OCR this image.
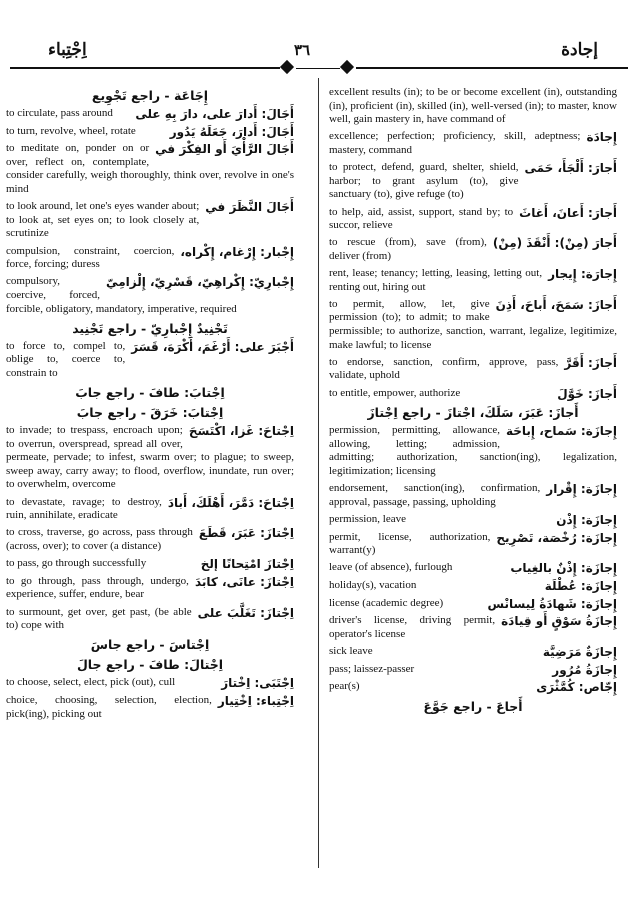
اِجْتِباء	٣٦	إجادة
إِجَاعَة - راجع تَجْوِيع
أَجَالَ: أَدارَ على، دارَ بِهِ على
to circulate, pass around
أَجَالَ: أَدارَ، جَعَلَهُ يَدُور
to turn, revolve, wheel, rotate
أَجَالَ الرَّأْيَ أَو الفِكْرَ في
to meditate on, ponder on or over, reflect on, contemplate, consider carefully, weigh thoroughly, think over, revolve in one's mind
أَجَالَ النَّظَرَ في
to look around, let one's eyes wander about; to look at, set eyes on; to look closely at, scrutinize
إِجْبار: إِرْغام، إِكْراه،
compulsion, constraint, coercion, force, forcing; duress
إِجْبارِيّ: إِكْراهِيّ، قَسْرِيّ، إِلْزامِيّ
compulsory, coercive, forced, forcible, obligatory, mandatory, imperative, required
تَجْنِيدٌ إِجْبارِيّ - راجع تَجْنِيد
أَجْبَرَ على: أَرْغَمَ، أَكْرَهَ، قَسَرَ
to force to, compel to, oblige to, coerce to, constrain to
اِجْتابَ: طافَ - راجع جابَ
اِجْتابَ: خَرَقَ - راجع جابَ
اِجْتاحَ: غَزا، اكْتَسَحَ
to invade; to trespass, encroach upon; to overrun, overspread, spread all over, permeate, pervade; to infest, swarm over; to plague; to sweep, sweep away, carry away; to flood, overflow, inundate, run over; to overwhelm, overcome
اِجْتاحَ: دَمَّرَ، أَهْلَكَ، أَبادَ
to devastate, ravage; to destroy, ruin, annihilate, eradicate
اِجْتازَ: عَبَرَ، قَطَعَ
to cross, traverse, go across, pass through (across, over); to cover (a distance)
اِجْتازَ امْتِحانًا إلخ
to pass, go through successfully
اِجْتازَ: عانَى، كابَدَ
to go through, pass through, undergo, experience, suffer, endure, bear
اِجْتازَ: تَغَلَّبَ على
to surmount, get over, get past, (be able to) cope with
اِجْتاسَ - راجع جاسَ
اِجْتالَ: طافَ - راجع جالَ
اِجْتَبَى: اِخْتارَ
to choose, select, elect, pick (out), cull
اِجْتِباء: اِخْتِيار
choice, choosing, selection, election, pick(ing), picking out
excellent results (in); to be or become excellent (in), outstanding (in), proficient (in), skilled (in), well-versed (in); to master, know well, gain mastery in, have command of
إِجادَة
excellence; perfection; proficiency, skill, adeptness; mastery, command
أَجارَ: أَلْجَأَ، حَمَى
to protect, defend, guard, shelter, shield, harbor; to grant asylum (to), give sanctuary (to), give refuge (to)
أَجارَ: أَعانَ، أَغاثَ
to help, aid, assist, support, stand by; to succor, relieve
أَجارَ (مِنْ): أَنْقَذَ (مِنْ)
to rescue (from), save (from), deliver (from)
إِجارَة: إِيجار
rent, lease; tenancy; letting, leasing, letting out, renting out, hiring out
أَجازَ: سَمَحَ، أَباحَ، أَذِنَ
to permit, allow, let, give permission (to); to admit; to make permissible; to authorize, sanction, warrant, legalize, legitimize, make lawful; to license
أَجازَ: أَقَرَّ
to endorse, sanction, confirm, approve, pass, validate, uphold
أَجازَ: خَوَّلَ
to entitle, empower, authorize
أَجازَ: عَبَرَ، سَلَكَ، اجْتازَ - راجع اِجْتازَ
إِجازَة: سَماح، إِباحَة
permission, permitting, allowance, allowing, letting; admission, admitting; authorization, sanction(ing), legalization, legitimization; licensing
إِجازَة: إِقْرار
endorsement, sanction(ing), confirmation, approval, passage, passing, upholding
إِجازَة: إِذْن
permission, leave
إِجازَة: رُخْصَة، تَصْرِيح
permit, license, authorization, warrant(y)
إِجازَة: إِذْنٌ بالغِياب
leave (of absence), furlough
إِجازَة: عُطْلَة
holiday(s), vacation
إِجازَة: شَهادَةُ لِيسانْس
license (academic degree)
إِجازَةُ سَوْقٍ أَو قِيادَة
driver's license, driving permit, operator's license
إِجازَةٌ مَرَضِيَّة
sick leave
إِجازَةُ مُرُور
pass; laissez-passer
إِجّاص: كُمَّثْرَى
pear(s)
أَجاعَ - راجع جَوَّعَ
